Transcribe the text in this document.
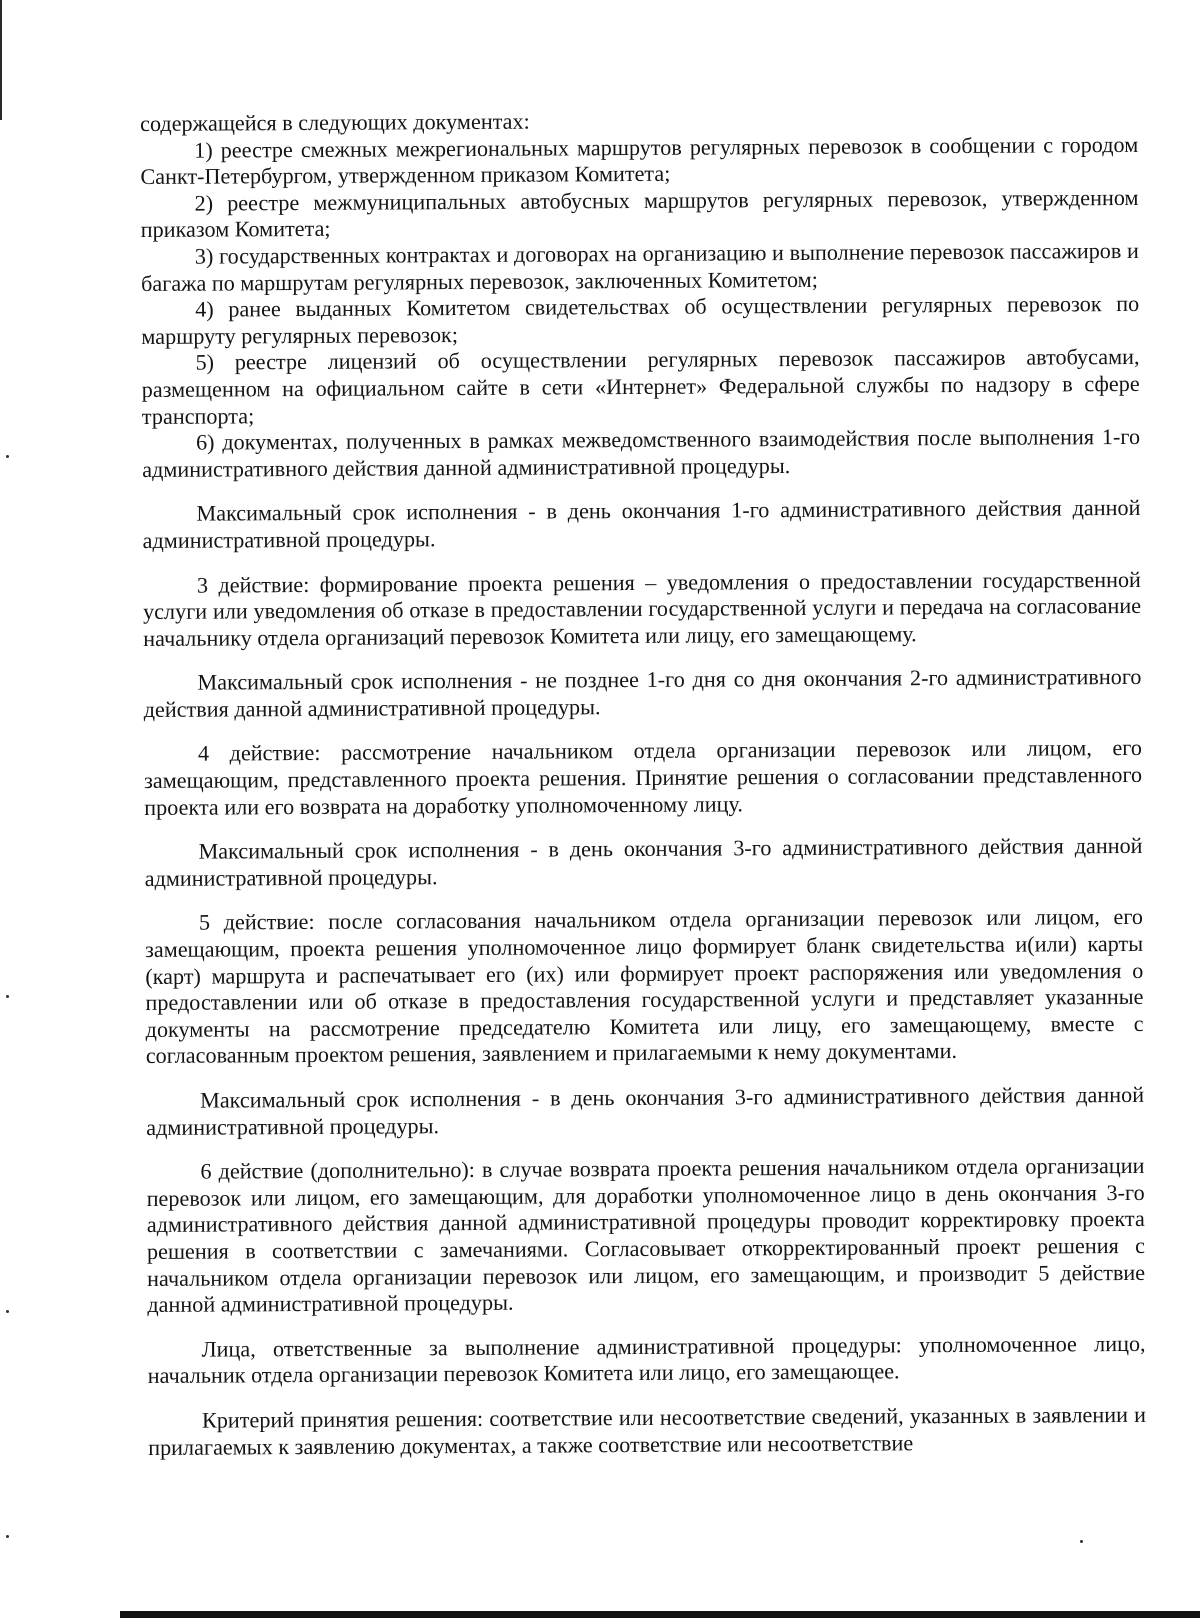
содержащейся в следующих документах:

1) реестре смежных межрегиональных маршрутов регулярных перевозок в сообщении с городом Санкт-Петербургом, утвержденном приказом Комитета;

2) реестре межмуниципальных автобусных маршрутов регулярных перевозок, утвержденном приказом Комитета;

3) государственных контрактах и договорах на организацию и выполнение перевозок пассажиров и багажа по маршрутам регулярных перевозок, заключенных Комитетом;

4) ранее выданных Комитетом свидетельствах об осуществлении регулярных перевозок по маршруту регулярных перевозок;

5) реестре лицензий об осуществлении регулярных перевозок пассажиров автобусами, размещенном на официальном сайте в сети «Интернет» Федеральной службы по надзору в сфере транспорта;

6) документах, полученных в рамках межведомственного взаимодействия после выполнения 1-го административного действия данной административной процедуры.

Максимальный срок исполнения - в день окончания 1-го административного действия данной административной процедуры.

3 действие: формирование проекта решения – уведомления о предоставлении государственной услуги или уведомления об отказе в предоставлении государственной услуги и передача на согласование начальнику отдела организаций перевозок Комитета или лицу, его замещающему.

Максимальный срок исполнения - не позднее 1-го дня со дня окончания 2-го административного действия данной административной процедуры.

4 действие: рассмотрение начальником отдела организации перевозок или лицом, его замещающим, представленного проекта решения. Принятие решения о согласовании представленного проекта или его возврата на доработку уполномоченному лицу.

Максимальный срок исполнения - в день окончания 3-го административного действия данной административной процедуры.

5 действие: после согласования начальником отдела организации перевозок или лицом, его замещающим, проекта решения уполномоченное лицо формирует бланк свидетельства и(или) карты (карт) маршрута и распечатывает его (их) или формирует проект распоряжения или уведомления о предоставлении или об отказе в предоставления государственной услуги и представляет указанные документы на рассмотрение председателю Комитета или лицу, его замещающему, вместе с согласованным проектом решения, заявлением и прилагаемыми к нему документами.

Максимальный срок исполнения - в день окончания 3-го административного действия данной административной процедуры.

6 действие (дополнительно): в случае возврата проекта решения начальником отдела организации перевозок или лицом, его замещающим, для доработки уполномоченное лицо в день окончания 3-го административного действия данной административной процедуры проводит корректировку проекта решения в соответствии с замечаниями. Согласовывает откорректированный проект решения с начальником отдела организации перевозок или лицом, его замещающим, и производит 5 действие данной административной процедуры.

Лица, ответственные за выполнение административной процедуры: уполномоченное лицо, начальник отдела организации перевозок Комитета или лицо, его замещающее.

Критерий принятия решения: соответствие или несоответствие сведений, указанных в заявлении и прилагаемых к заявлению документах, а также соответствие или несоответствие
